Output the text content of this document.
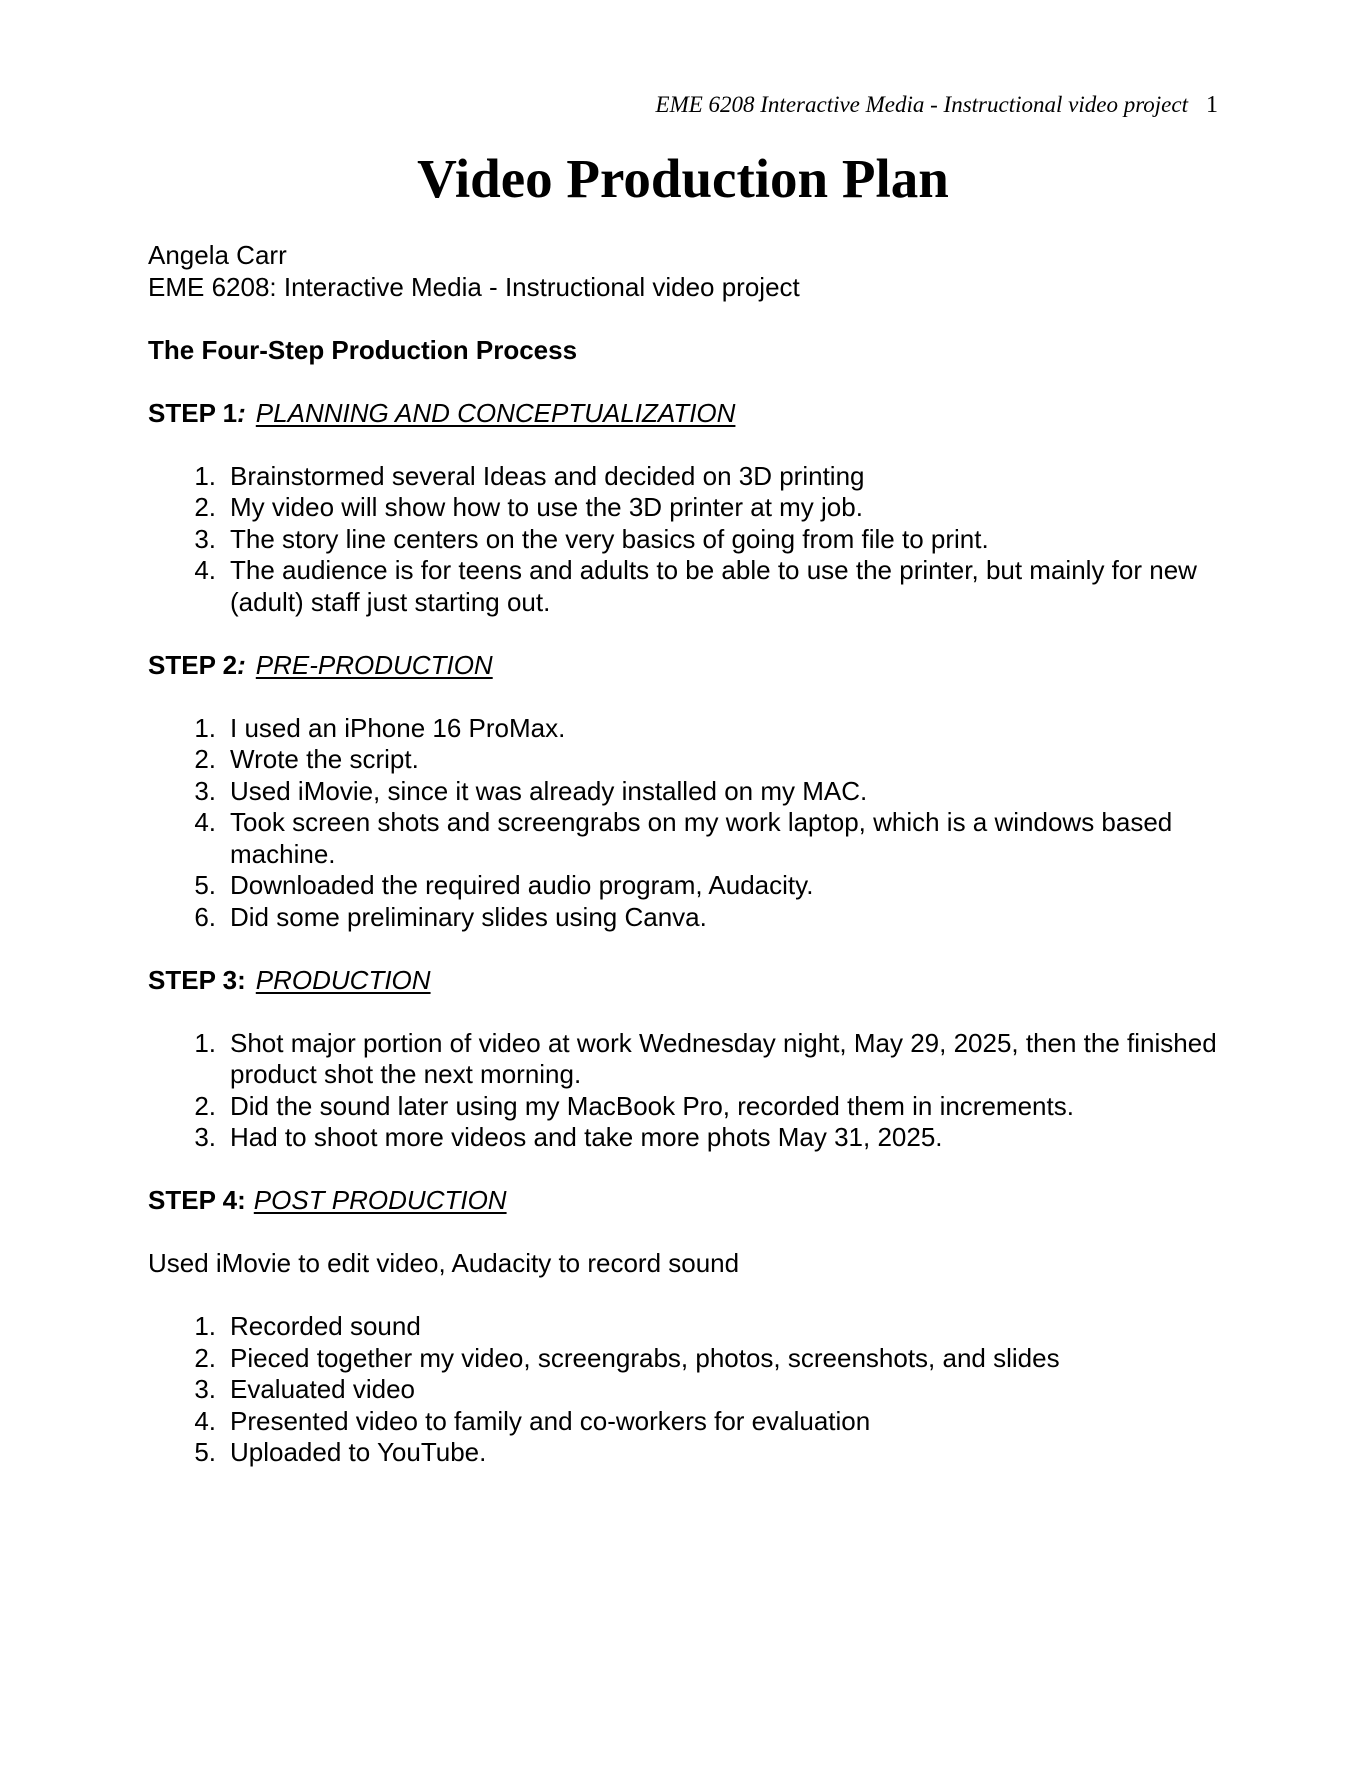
EME 6208 Interactive Media - Instructional video project 1
Video Production Plan

Angela Carr

EME 6208: Interactive Media - Instructional video project

The Four-Step Production Process

STEP 1: PLANNING AND CONCEPTUALIZATION

1. Brainstormed several Ideas and decided on 3D printing
2. My video will show how to use the 3D printer at my job.
3. The story line centers on the very basics of going from file to print.
4. The audience is for teens and adults to be able to use the printer, but mainly for new (adult) staff just starting out.

STEP 2: PRE-PRODUCTION

1. I used an iPhone 16 ProMax.
2. Wrote the script.
3. Used iMovie, since it was already installed on my MAC.
4. Took screen shots and screengrabs on my work laptop, which is a windows based machine.
5. Downloaded the required audio program, Audacity.
6. Did some preliminary slides using Canva.

STEP 3: PRODUCTION

1. Shot major portion of video at work Wednesday night, May 29, 2025, then the finished product shot the next morning.
2. Did the sound later using my MacBook Pro, recorded them in increments.
3. Had to shoot more videos and take more phots May 31, 2025.

STEP 4: POST PRODUCTION

Used iMovie to edit video, Audacity to record sound

1. Recorded sound
2. Pieced together my video, screengrabs, photos, screenshots, and slides
3. Evaluated video
4. Presented video to family and co-workers for evaluation
5. Uploaded to YouTube.
